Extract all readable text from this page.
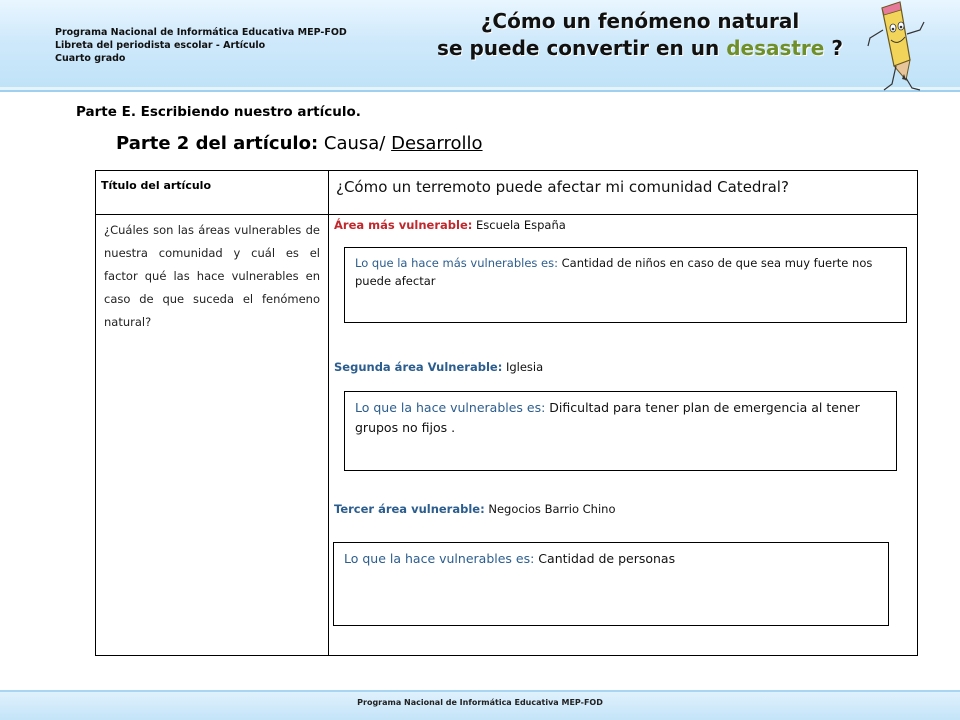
Programa Nacional de Informática Educativa MEP-FOD
Libreta del periodista escolar - Artículo
Cuarto grado
¿Cómo un fenómeno natural
se puede convertir en un desastre ?
Parte E. Escribiendo nuestro artículo.
Parte 2 del artículo: Causa/ Desarrollo
Título del artículo	¿Cómo un terremoto puede afectar mi comunidad Catedral?
¿Cuáles son las áreas vulnerables de nuestra comunidad y cuál es el factor qué las hace vulnerables en caso de que suceda el fenómeno natural?
Área más vulnerable: Escuela España
Lo que la hace más vulnerables es: Cantidad de niños en caso de que sea muy fuerte nos puede afectar
Segunda área Vulnerable: Iglesia
Lo que la hace vulnerables es: Dificultad para tener plan de emergencia al tener grupos no fijos .
Tercer área vulnerable: Negocios Barrio Chino
Lo que la hace vulnerables es: Cantidad de personas
Programa Nacional de Informática Educativa MEP-FOD
